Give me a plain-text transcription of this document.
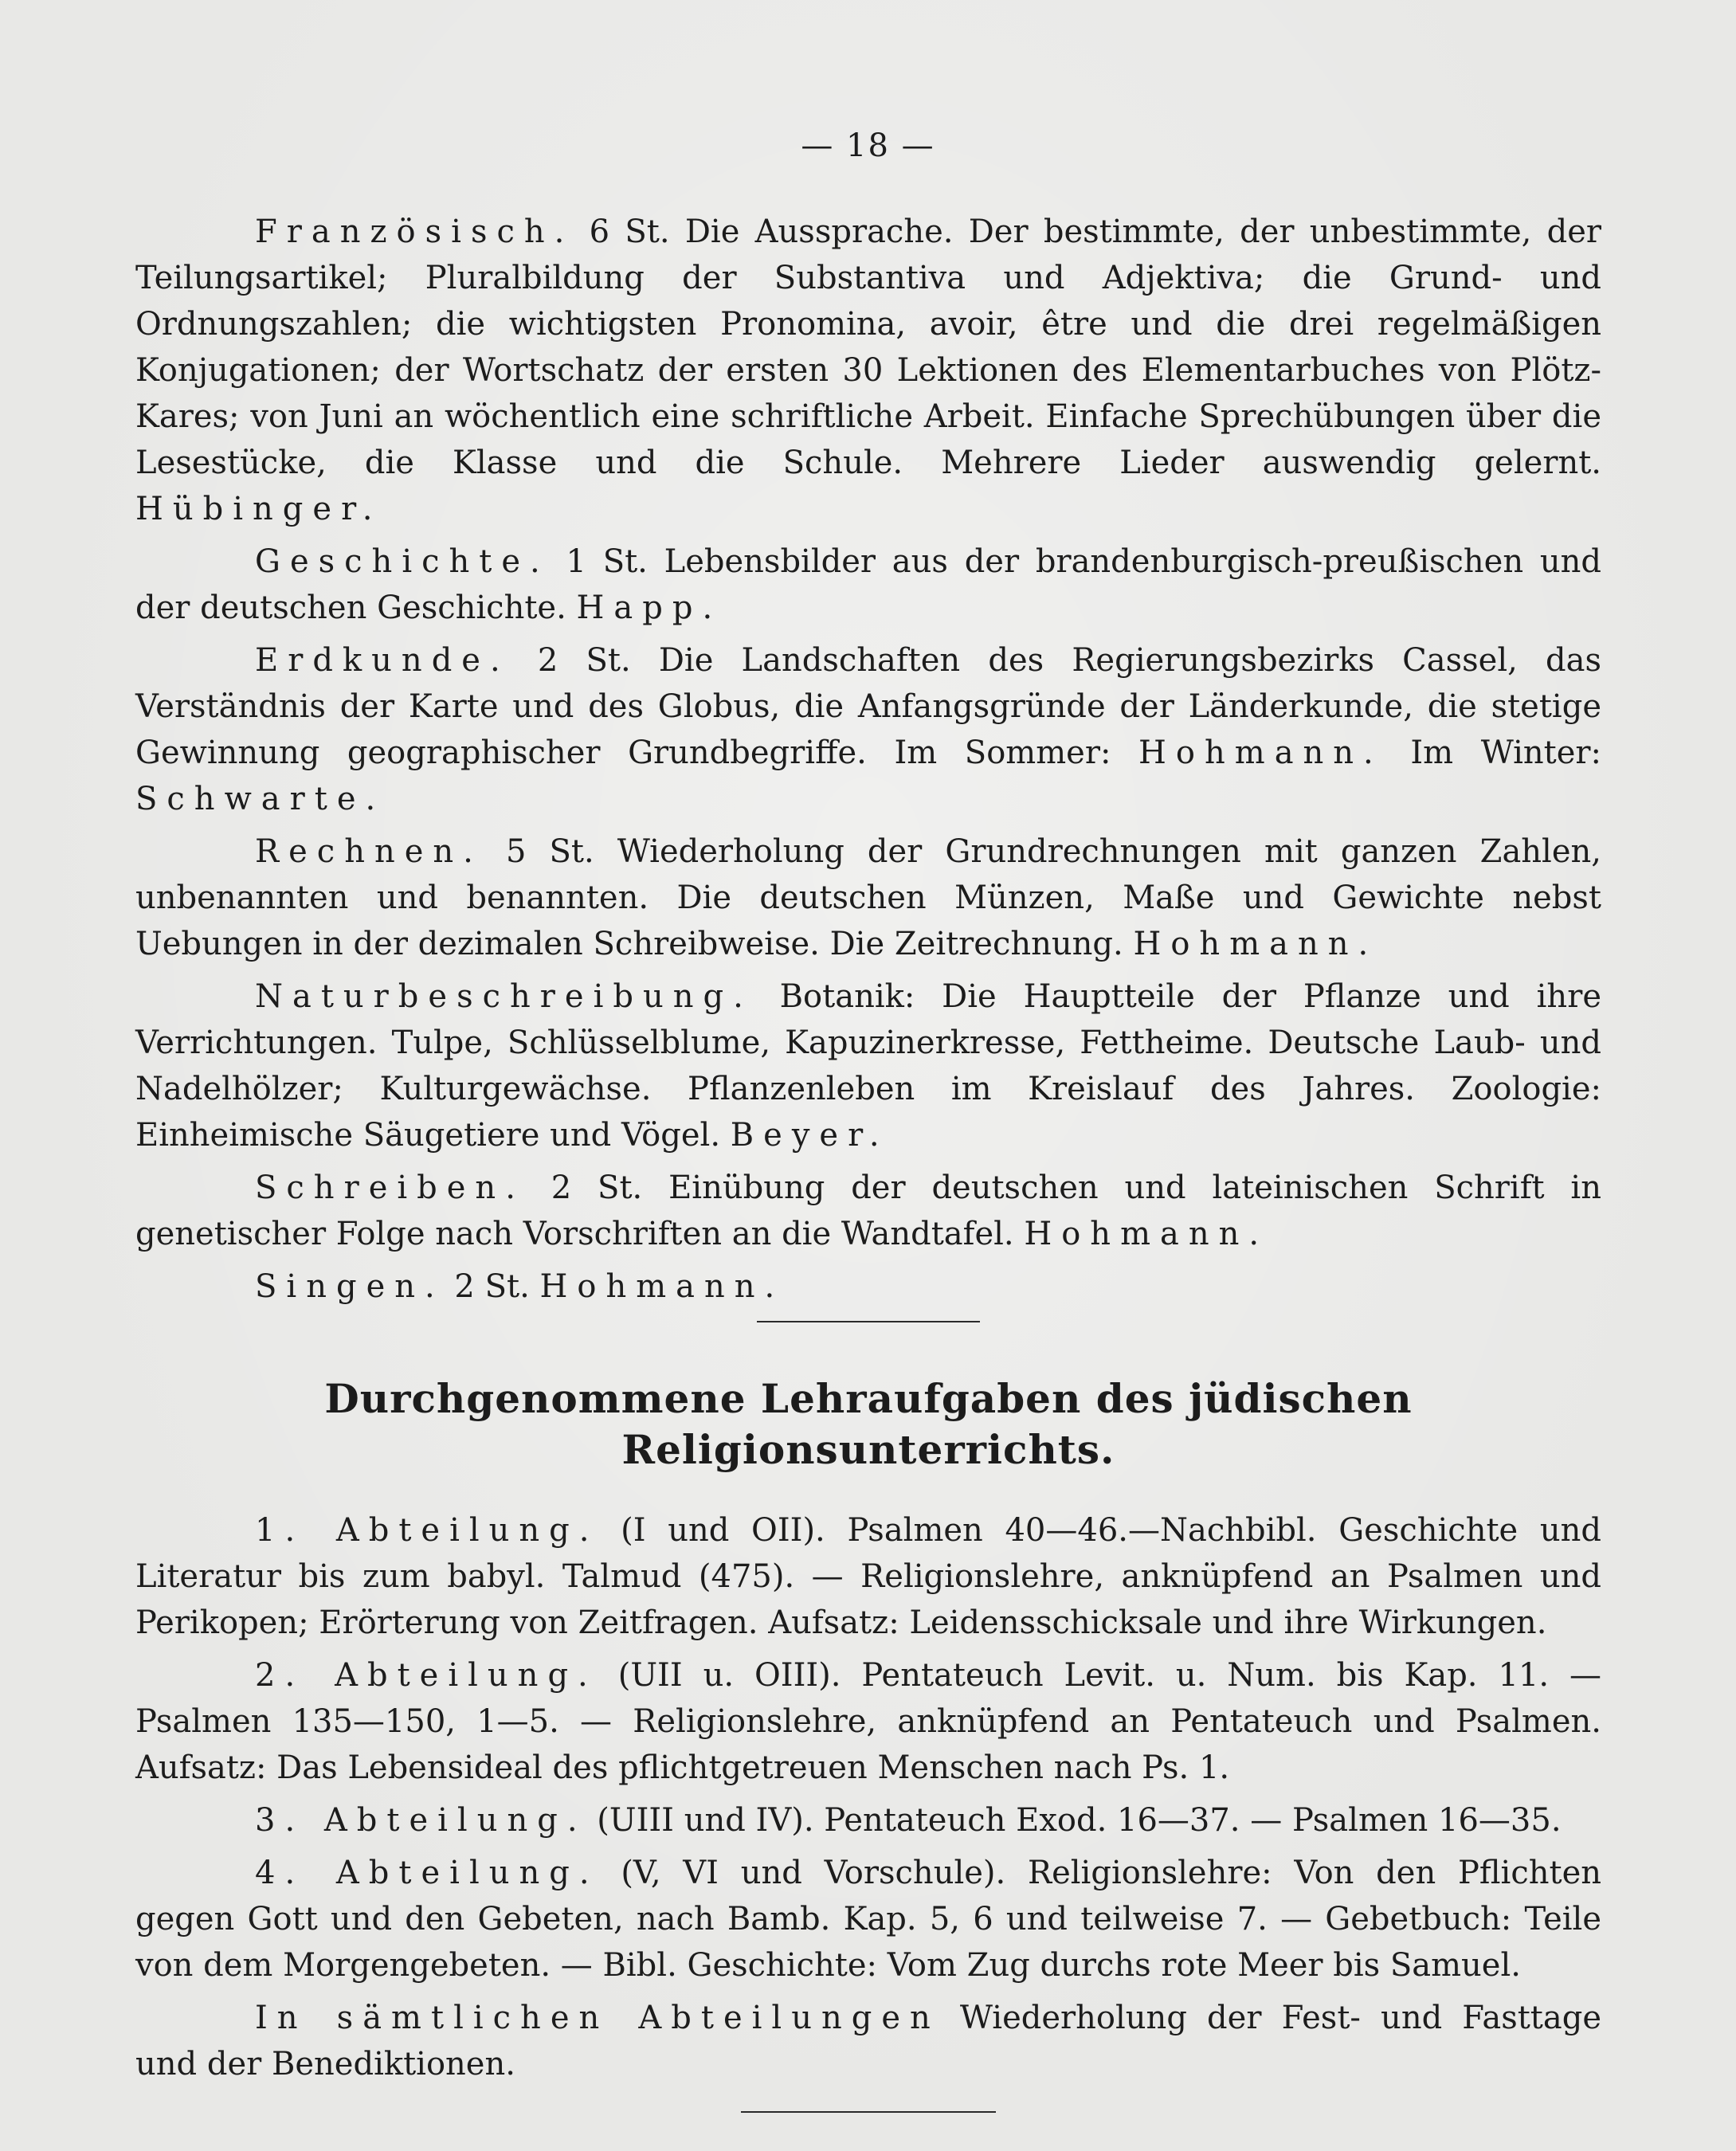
— 18 —

Französisch. 6 St. Die Aussprache. Der bestimmte, der unbestimmte, der Teilungsartikel; Pluralbildung der Substantiva und Adjektiva; die Grund- und Ordnungszahlen; die wichtigsten Pronomina, avoir, être und die drei regelmäßigen Konjugationen; der Wortschatz der ersten 30 Lektionen des Elementarbuches von Plötz-Kares; von Juni an wöchentlich eine schriftliche Arbeit. Einfache Sprechübungen über die Lesestücke, die Klasse und die Schule. Mehrere Lieder auswendig gelernt. Hübinger.

Geschichte. 1 St. Lebensbilder aus der brandenburgisch-preußischen und der deutschen Geschichte. Happ.

Erdkunde. 2 St. Die Landschaften des Regierungsbezirks Cassel, das Verständnis der Karte und des Globus, die Anfangsgründe der Länderkunde, die stetige Gewinnung geographischer Grundbegriffe. Im Sommer: Hohmann. Im Winter: Schwarte.

Rechnen. 5 St. Wiederholung der Grundrechnungen mit ganzen Zahlen, unbenannten und benannten. Die deutschen Münzen, Maße und Gewichte nebst Uebungen in der dezimalen Schreibweise. Die Zeitrechnung. Hohmann.

Naturbeschreibung. Botanik: Die Hauptteile der Pflanze und ihre Verrichtungen. Tulpe, Schlüsselblume, Kapuzinerkresse, Fettheime. Deutsche Laub- und Nadelhölzer; Kulturgewächse. Pflanzenleben im Kreislauf des Jahres. Zoologie: Einheimische Säugetiere und Vögel. Beyer.

Schreiben. 2 St. Einübung der deutschen und lateinischen Schrift in genetischer Folge nach Vorschriften an die Wandtafel. Hohmann.

Singen. 2 St. Hohmann.

Durchgenommene Lehraufgaben des jüdischen Religionsunterrichts.

1. Abteilung. (I und OII). Psalmen 40—46.—Nachbibl. Geschichte und Literatur bis zum babyl. Talmud (475). — Religionslehre, anknüpfend an Psalmen und Perikopen; Erörterung von Zeitfragen. Aufsatz: Leidensschicksale und ihre Wirkungen.

2. Abteilung. (UII u. OIII). Pentateuch Levit. u. Num. bis Kap. 11. — Psalmen 135—150, 1—5. — Religionslehre, anknüpfend an Pentateuch und Psalmen. Aufsatz: Das Lebensideal des pflichtgetreuen Menschen nach Ps. 1.

3. Abteilung. (UIII und IV). Pentateuch Exod. 16—37. — Psalmen 16—35.

4. Abteilung. (V, VI und Vorschule). Religionslehre: Von den Pflichten gegen Gott und den Gebeten, nach Bamb. Kap. 5, 6 und teilweise 7. — Gebetbuch: Teile von dem Morgengebeten. — Bibl. Geschichte: Vom Zug durchs rote Meer bis Samuel.

In sämtlichen Abteilungen Wiederholung der Fest- und Fasttage und der Benediktionen.
